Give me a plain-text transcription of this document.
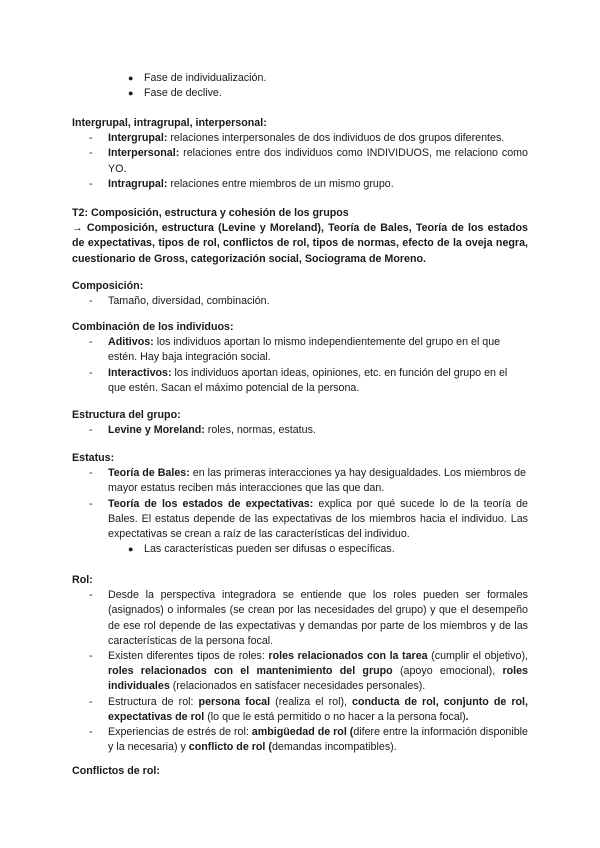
● Fase de individualización.
● Fase de declive.
Intergrupal, intragrupal, interpersonal:
- Intergrupal: relaciones interpersonales de dos individuos de dos grupos diferentes.
- Interpersonal: relaciones entre dos individuos como INDIVIDUOS, me relaciono como YO.
- Intragrupal: relaciones entre miembros de un mismo grupo.
T2: Composición, estructura y cohesión de los grupos
→ Composición, estructura (Levine y Moreland), Teoría de Bales, Teoría de los estados de expectativas, tipos de rol, conflictos de rol, tipos de normas, efecto de la oveja negra, cuestionario de Gross, categorización social, Sociograma de Moreno.
Composición:
- Tamaño, diversidad, combinación.
Combinación de los individuos:
- Aditivos: los individuos aportan lo mismo independientemente del grupo en el que estén. Hay baja integración social.
- Interactivos: los individuos aportan ideas, opiniones, etc. en función del grupo en el que estén. Sacan el máximo potencial de la persona.
Estructura del grupo:
- Levine y Moreland: roles, normas, estatus.
Estatus:
- Teoría de Bales: en las primeras interacciones ya hay desigualdades. Los miembros de mayor estatus reciben más interacciones que las que dan.
- Teoría de los estados de expectativas: explica por qué sucede lo de la teoría de Bales. El estatus depende de las expectativas de los miembros hacia el individuo. Las expectativas se crean a raíz de las características del individuo.
● Las características pueden ser difusas o específicas.
Rol:
- Desde la perspectiva integradora se entiende que los roles pueden ser formales (asignados) o informales (se crean por las necesidades del grupo) y que el desempeño de ese rol depende de las expectativas y demandas por parte de los miembros y de las características de la persona focal.
- Existen diferentes tipos de roles: roles relacionados con la tarea (cumplir el objetivo), roles relacionados con el mantenimiento del grupo (apoyo emocional), roles individuales (relacionados en satisfacer necesidades personales).
- Estructura de rol: persona focal (realiza el rol), conducta de rol, conjunto de rol, expectativas de rol (lo que le está permitido o no hacer a la persona focal).
- Experiencias de estrés de rol: ambigüedad de rol (difere entre la información disponible y la necesaria) y conflicto de rol (demandas incompatibles).
Conflictos de rol:
